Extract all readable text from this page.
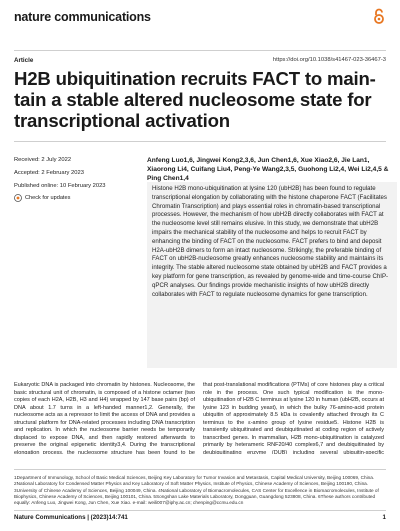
nature communications
Article	https://doi.org/10.1038/s41467-023-36467-3
H2B ubiquitination recruits FACT to main-
tain a stable altered nucleosome state for
transcriptional activation
Received: 2 July 2022
Accepted: 2 February 2023
Published online: 10 February 2023
Check for updates
Anfeng Luo1,6, Jingwei Kong2,3,6, Jun Chen1,6, Xue Xiao2,6, Jie Lan1, Xiaorong Li4, Cuifang Liu4, Peng-Ye Wang2,3,5, Guohong Li2,4, Wei Li2,4,5 & Ping Chen1,4
Histone H2B mono-ubiquitination at lysine 120 (ubH2B) has been found to regulate transcriptional elongation by collaborating with the histone chaperone FACT (Facilitates Chromatin Transcription) and plays essential roles in chromatin-based transcriptional processes. However, the mechanism of how ubH2B directly collaborates with FACT at the nucleosome level still remains elusive. In this study, we demonstrate that ubH2B impairs the mechanical stability of the nucleosome and helps to recruit FACT by enhancing the binding of FACT on the nucleosome. FACT prefers to bind and deposit H2A-ubH2B dimers to form an intact nucleosome. Strikingly, the preferable binding of FACT on ubH2B-nucleosome greatly enhances nucleosome stability and maintains its integrity. The stable altered nucleosome state obtained by ubH2B and FACT provides a key platform for gene transcription, as revealed by genome-wide and time-course ChIP-qPCR analyses. Our findings provide mechanistic insights of how ubH2B directly collaborates with FACT to regulate nucleosome dynamics for gene transcription.
Eukaryotic DNA is packaged into chromatin by histones. Nucleosome, the basic structural unit of chromatin, is composed of a histone octamer (two copies of each H2A, H2B, H3 and H4) wrapped by 147 base pairs (bp) of DNA about 1.7 turns in a left-handed manner1,2. Generally, the nucleosome acts as a repressor to limit the access of DNA and provides a structural platform for DNA-related processes including DNA transcription and replication. In which the nucleosome barrier needs be temporarily displaced to expose DNA, and then rapidly restored afterwards to preserve the original epigenetic identity3,4. During the transcriptional elongation process, the nucleosome structure has been found to be
that post-translational modifications (PTMs) of core histones play a critical role in the process. One such typical modification is the mono-ubiquitination of H2B C terminus at lysine 120 in human (ubH2B, occurs at lysine 123 in budding yeast), in which the bulky 76-amino-acid protein ubiquitin of approximately 8.5 kDa is covalently attached through its C terminus to the ε-amino group of lysine residue5. Histone H2B is transiently ubiquitinated and deubiquitinated at coding region of actively transcribed genes. In mammalian, H2B mono-ubiquitination is catalyzed primarily by heterameric RNF20/40 complex6,7 and deubiquitinated by deubiquitinating enzyme (DUB) including several ubiquitin-specific
1Department of Immunology, School of Basic Medical Sciences, Beijing Key Laboratory for Tumor Invasion and Metastasis, Capital Medical University, Beijing 100069, China. 2National Laboratory for Condensed Matter Physics and Key Laboratory of Soft Matter Physics, Institute of Physics, Chinese Academy of Sciences, Beijing 100190, China. 3University of Chinese Academy of Sciences, Beijing 100049, China. 4National Laboratory of Biomacromolecules, CAS Center for Excellence in Biomacromolecules, Institute of Biophysics, Chinese Academy of Sciences, Beijing 100101, China. 5Songshan Lake Materials Laboratory, Dongguan, Guangdong 523808, China. 6These authors contributed equally: Anfeng Luo, Jingwei Kong, Jun Chen, Xue Xiao. e-mail: weili007@iphy.ac.cn; chenping@ccmu.edu.cn
Nature Communications | (2023)14:741	1
